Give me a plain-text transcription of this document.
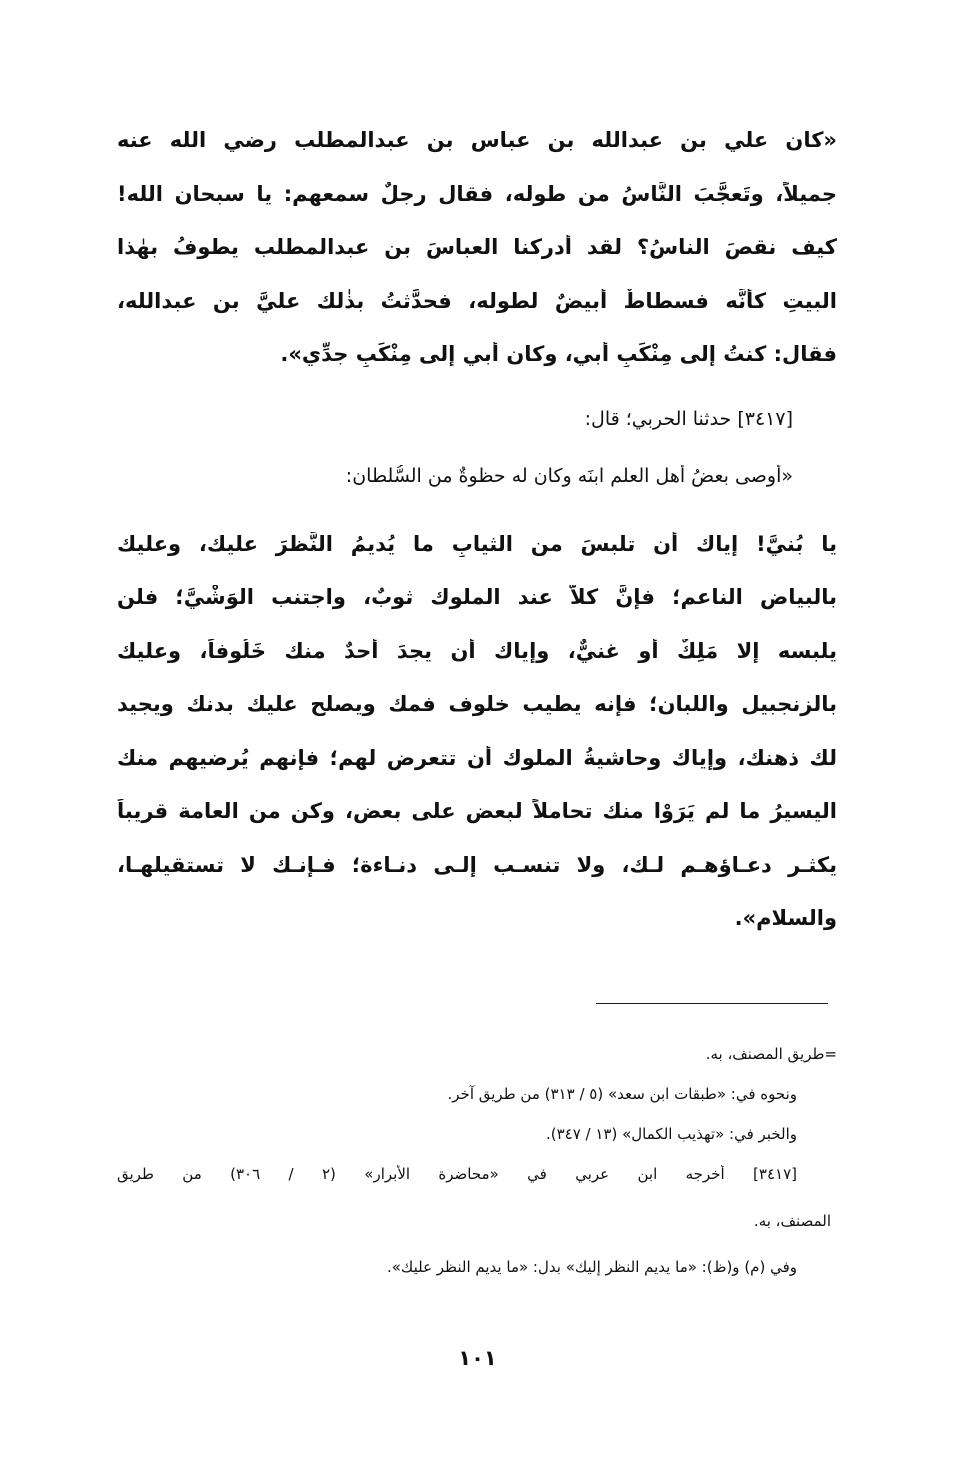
«كان علي بن عبدالله بن عباس بن عبدالمطلب رضي الله عنه
جميلاً، وتَعجَّبَ النَّاسُ من طوله، فقال رجلٌ سمعهم: يا سبحان الله!
كيف نقصَ الناسُ؟ لقد أدركنا العباسَ بن عبدالمطلب يطوفُ بهٰذا
البيتِ كأنَّه فسطاطٌ أبيضٌ لطوله، فحدَّثتُ بذٰلك عليَّ بن عبدالله،
فقال: كنتُ إلى مِنْكَبِ أبي، وكان أبي إلى مِنْكَبِ جدِّي».
[٣٤١٧] حدثنا الحربي؛ قال:
«أوصى بعضُ أهل العلم ابنَه وكان له حظوةٌ من السُّلطان:
يا بُنيَّ! إياك أن تلبسَ من الثيابِ ما يُديمُ النَّظرَ عليك، وعليك
بالبياض الناعم؛ فإنَّ كلاًّ عند الملوك ثوبٌ، واجتنب الوَشْيَّ؛ فلن
يلبسه إلا مَلِكٌ أو غنيٌّ، وإياك أن يجدَ أحدٌ منك خَلُوفاً، وعليك
بالزنجبيل واللبان؛ فإنه يطيب خلوف فمك ويصلح عليك بدنك ويجيد
لك ذهنك، وإياك وحاشيةُ الملوك أن تتعرض لهم؛ فإنهم يُرضيهم منك
اليسيرُ ما لم يَرَوْا منك تحاملاً لبعض على بعض، وكن من العامة قريباً
يكثـر دعـاؤهـم لـك، ولا تنسـب إلـى دنـاءة؛ فـإنـك لا تستقيلهـا،
والسلام».
=طريق المصنف، به.
ونحوه في: «طبقات ابن سعد» (٥ / ٣١٣) من طريق آخر.
والخبر في: «تهذيب الكمال» (١٣ / ٣٤٧).
[٣٤١٧] أخرجه ابن عربي في «محاضرة الأبرار» (٢ / ٣٠٦) من طريق
المصنف، به.
وفي (م) و(ظ): «ما يديم النظر إليك» بدل: «ما يديم النظر عليك».
١٠١
